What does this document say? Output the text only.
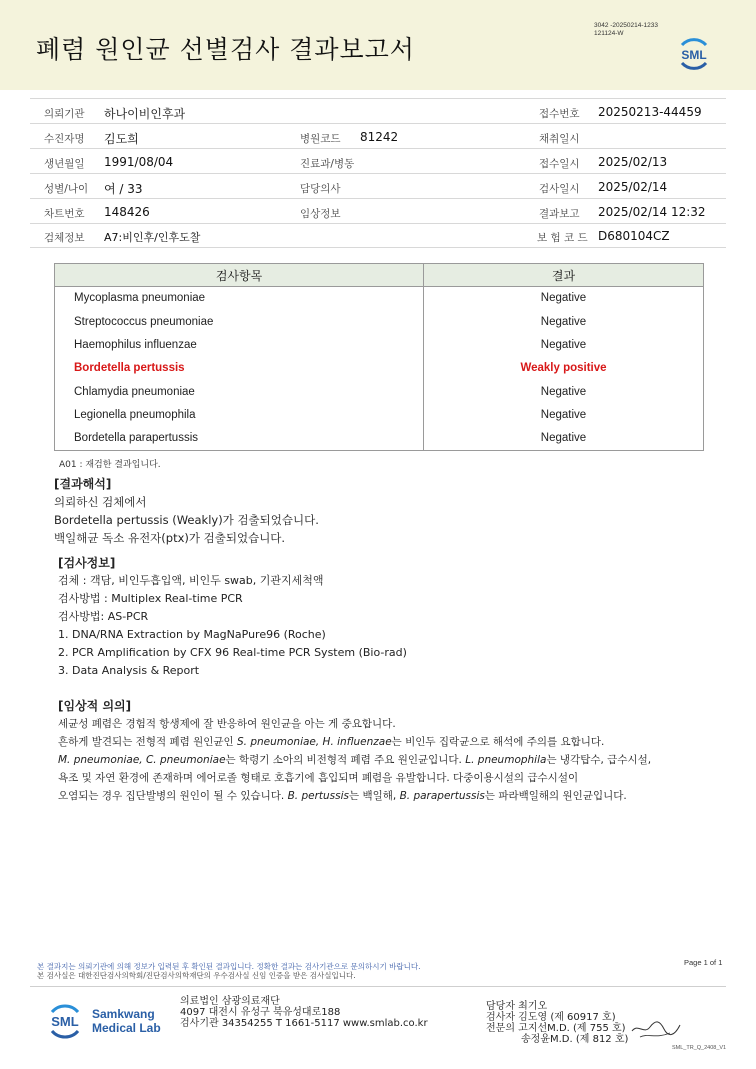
폐렴 원인균 선별검사 결과보고서
3042 -20250214-1233
121124-W
SML
의뢰기관 하나이비인후과	접수번호 20250213-44459
수진자명 김도희	병원코드 81242	채취일시
생년월일 1991/08/04	진료과/병동	접수일시 2025/02/13
성별/나이 여 / 33	담당의사	검사일시 2025/02/14
차트번호 148426	임상정보	결과보고 2025/02/14 12:32
검체정보 A7:비인후/인후도찰	보 험 코 드 D680104CZ
검사항목	결과
Mycoplasma pneumoniae	Negative
Streptococcus pneumoniae	Negative
Haemophilus influenzae	Negative
Bordetella pertussis	Weakly positive
Chlamydia pneumoniae	Negative
Legionella pneumophila	Negative
Bordetella parapertussis	Negative
A01 : 재검한 결과입니다.
[결과해석]
의뢰하신 검체에서
Bordetella pertussis (Weakly)가 검출되었습니다.
백일해균 독소 유전자(ptx)가 검출되었습니다.
[검사정보]
검체 : 객담, 비인두흡입액, 비인두 swab, 기관지세척액
검사방법 : Multiplex Real-time PCR
검사방법: AS-PCR
1. DNA/RNA Extraction by MagNaPure96 (Roche)
2. PCR Amplification by CFX 96 Real-time PCR System (Bio-rad)
3. Data Analysis & Report
[임상적 의의]
세균성 폐렴은 경험적 항생제에 잘 반응하여 원인균을 아는 게 중요합니다.
흔하게 발견되는 전형적 폐렴 원인균인 S. pneumoniae, H. influenzae는 비인두 집락균으로 해석에 주의를 요합니다.
M. pneumoniae, C. pneumoniae는 학령기 소아의 비전형적 폐렴 주요 원인균입니다. L. pneumophila는 냉각탑수, 급수시설,
욕조 및 자연 환경에 존재하며 에어로졸 형태로 호흡기에 흡입되며 폐렴을 유발합니다. 다중이용시설의 급수시설이
오염되는 경우 집단발병의 원인이 될 수 있습니다. B. pertussis는 백일해, B. parapertussis는 파라백일해의 원인균입니다.
본 결과지는 의뢰기관에 의해 정보가 입력된 후 확인된 결과입니다. 정확한 결과는 검사기관으로 문의하시기 바랍니다.
본 검사실은 대한진단검사의학회/진단검사의학재단의 우수검사실 신임 인증을 받은 검사실입니다.
Page 1 of 1
SML Samkwang
Medical Lab
의료법인 삼광의료재단
4097 대전시 유성구 북유성대로188
검사기관 34354255 T 1661-5117 www.smlab.co.kr
담당자 최기오
검사자 김도영 (제 60917 호)
전문의 고지선M.D. (제 755 호)
송정윤M.D. (제 812 호)
SML_TR_Q_2408_V1
